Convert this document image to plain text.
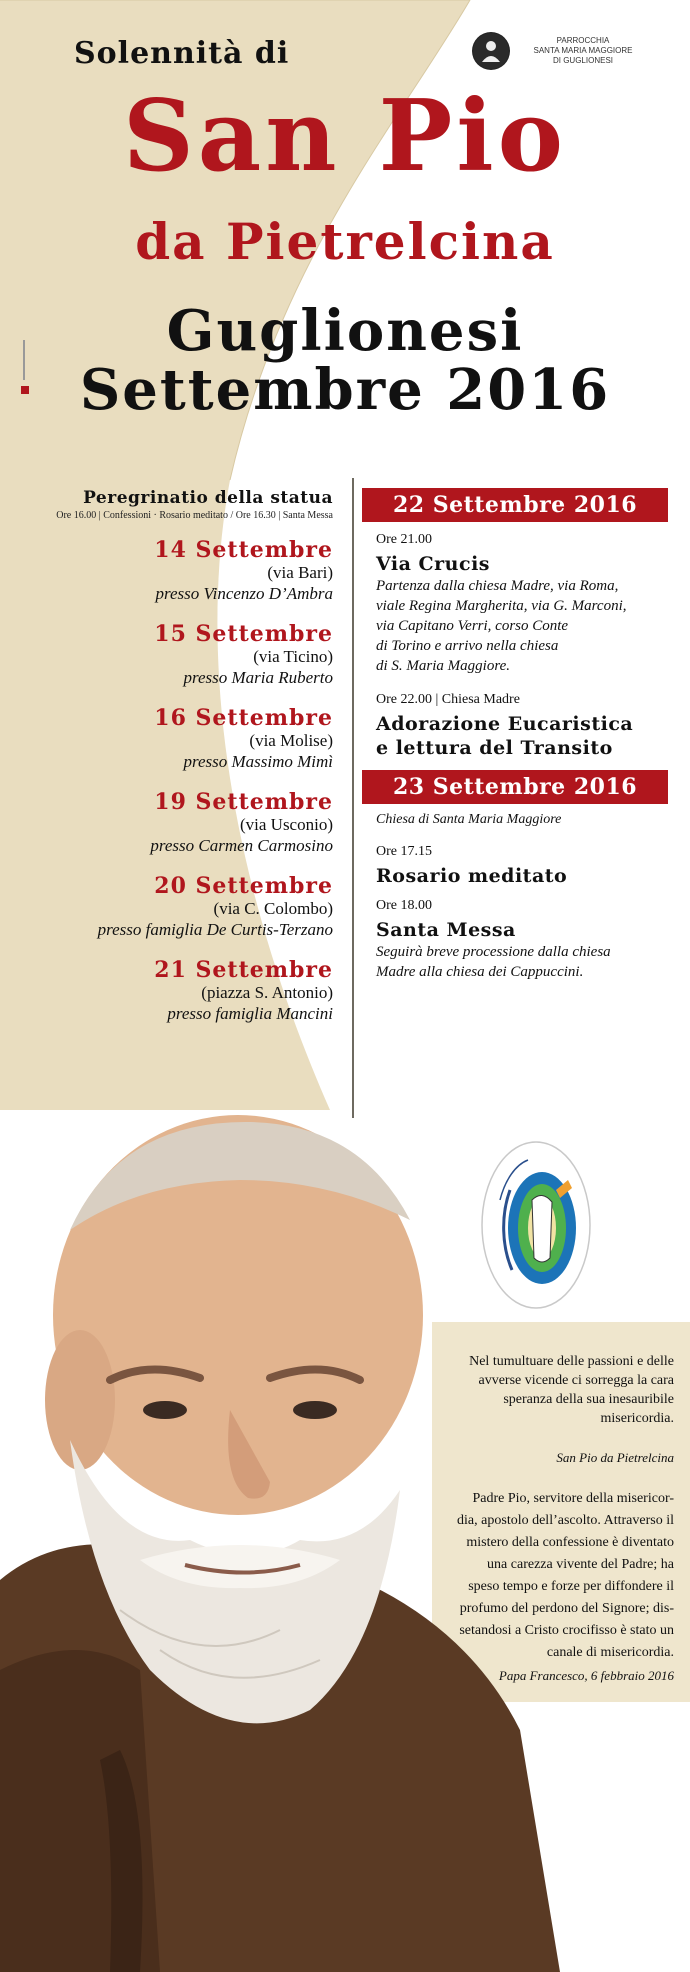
Solennità di
San Pio
da Pietrelcina
Guglionesi
Settembre 2016
PARROCCHIA
SANTA MARIA MAGGIORE
DI GUGLIONESI
Peregrinatio della statua
Ore 16.00 | Confessioni · Rosario meditato / Ore 16.30 | Santa Messa
14 Settembre
(via Bari)
presso Vincenzo D’Ambra
15 Settembre
(via Ticino)
presso Maria Ruberto
16 Settembre
(via Molise)
presso Massimo Mimì
19 Settembre
(via Usconio)
presso Carmen Carmosino
20 Settembre
(via C. Colombo)
presso famiglia De Curtis-Terzano
21 Settembre
(piazza S. Antonio)
presso famiglia Mancini
22 Settembre 2016
Ore 21.00
Via Crucis
Partenza dalla chiesa Madre, via Roma,
viale Regina Margherita, via G. Marconi,
via Capitano Verri, corso Conte
di Torino e arrivo nella chiesa
di S. Maria Maggiore.
Ore 22.00 | Chiesa Madre
Adorazione Eucaristica
e lettura del Transito
23 Settembre 2016
Chiesa di Santa Maria Maggiore
Ore 17.15
Rosario meditato
Ore 18.00
Santa Messa
Seguirà breve processione dalla chiesa
Madre alla chiesa dei Cappuccini.
Nel tumultuare delle passioni e delle
avverse vicende ci sorregga la cara
speranza della sua inesauribile
misericordia.
San Pio da Pietrelcina
Padre Pio, servitore della misericor-
dia, apostolo dell’ascolto. Attraverso il
mistero della confessione è diventato
una carezza vivente del Padre; ha
speso tempo e forze per diffondere il
profumo del perdono del Signore; dis-
setandosi a Cristo crocifisso è stato un
canale di misericordia.
Papa Francesco, 6 febbraio 2016
